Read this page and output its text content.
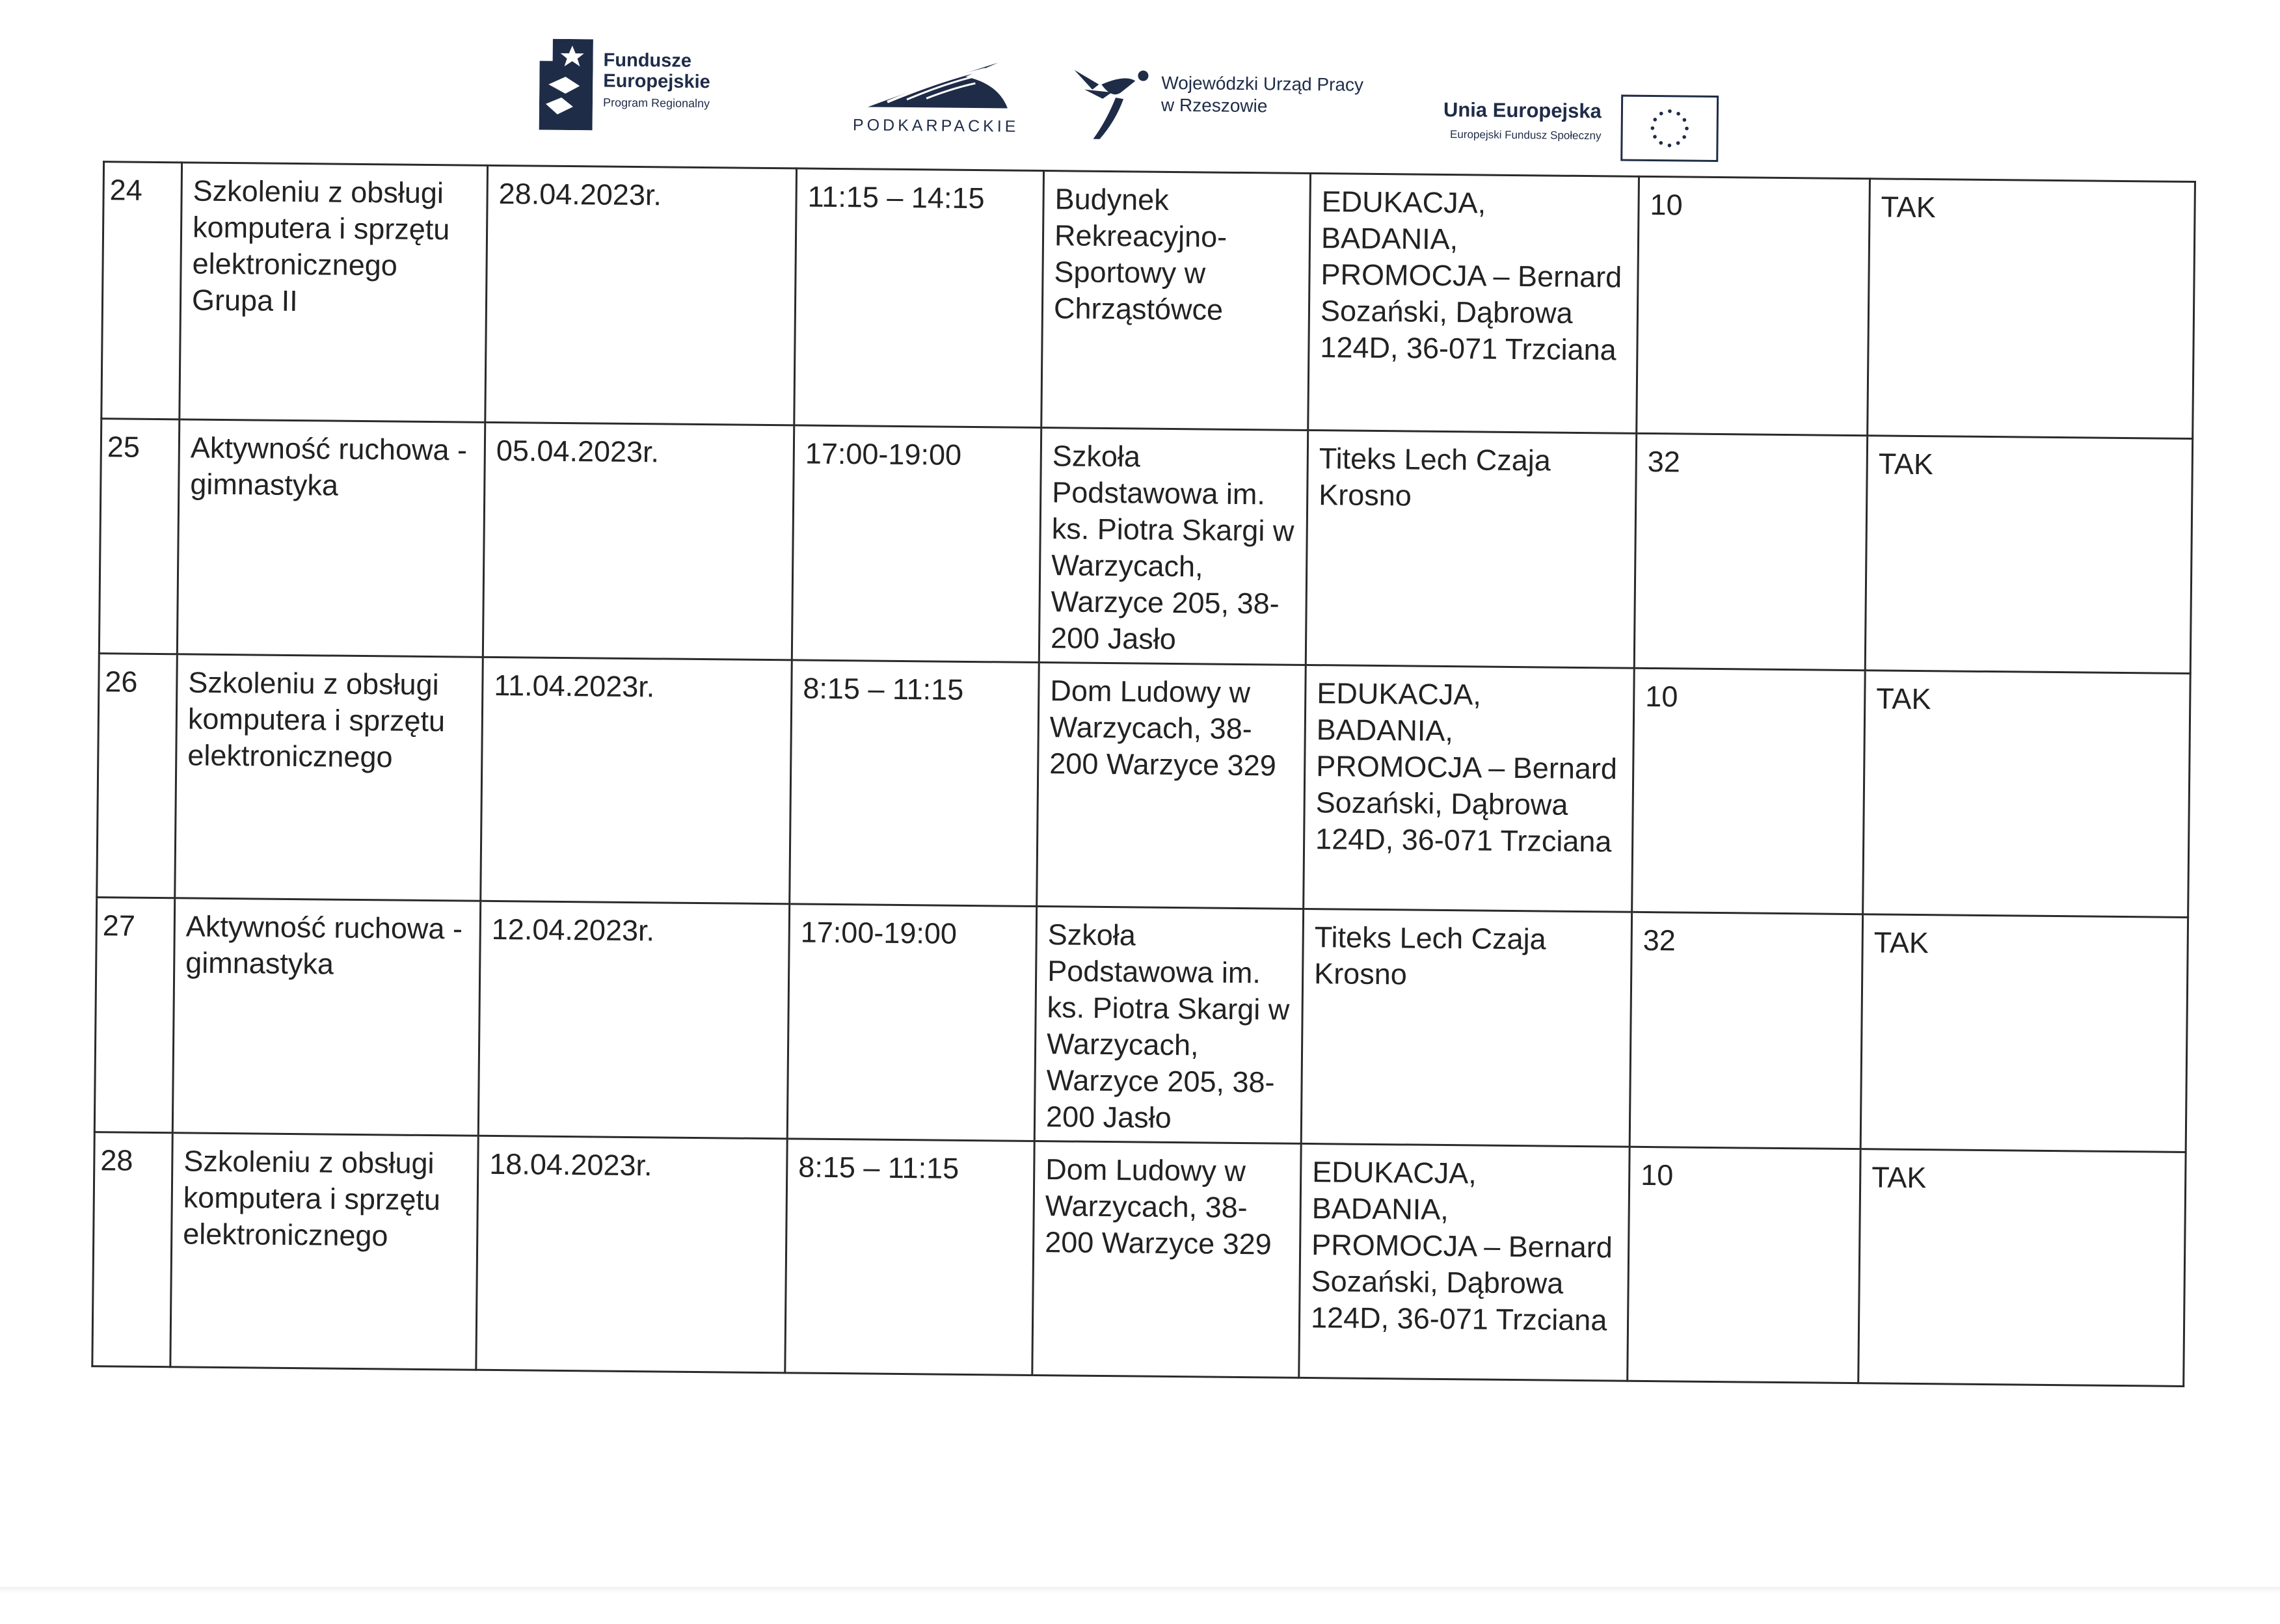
Fundusze
Europejskie
Program Regionalny
PODKARPACKIE
Wojewódzki Urząd Pracy
w Rzeszowie	Unia Europejska
Europejski Fundusz Społeczny
24	Szkoleniu z obsługi komputera i sprzętu elektronicznego Grupa II	28.04.2023r.	11:15 – 14:15	Budynek Rekreacyjno-Sportowy w Chrząstówce	EDUKACJA, BADANIA, PROMOCJA – Bernard Sozański, Dąbrowa 124D, 36-071 Trzciana	10	TAK
25	Aktywność ruchowa - gimnastyka	05.04.2023r.	17:00-19:00	Szkoła Podstawowa im. ks. Piotra Skargi w Warzycach, Warzyce 205, 38-200 Jasło	Titeks Lech Czaja Krosno	32	TAK
26	Szkoleniu z obsługi komputera i sprzętu elektronicznego	11.04.2023r.	8:15 – 11:15	Dom Ludowy w Warzycach, 38-200 Warzyce 329	EDUKACJA, BADANIA, PROMOCJA – Bernard Sozański, Dąbrowa 124D, 36-071 Trzciana	10	TAK
27	Aktywność ruchowa - gimnastyka	12.04.2023r.	17:00-19:00	Szkoła Podstawowa im. ks. Piotra Skargi w Warzycach, Warzyce 205, 38-200 Jasło	Titeks Lech Czaja Krosno	32	TAK
28	Szkoleniu z obsługi komputera i sprzętu elektronicznego	18.04.2023r.	8:15 – 11:15	Dom Ludowy w Warzycach, 38-200 Warzyce 329	EDUKACJA, BADANIA, PROMOCJA – Bernard Sozański, Dąbrowa 124D, 36-071 Trzciana	10	TAK
